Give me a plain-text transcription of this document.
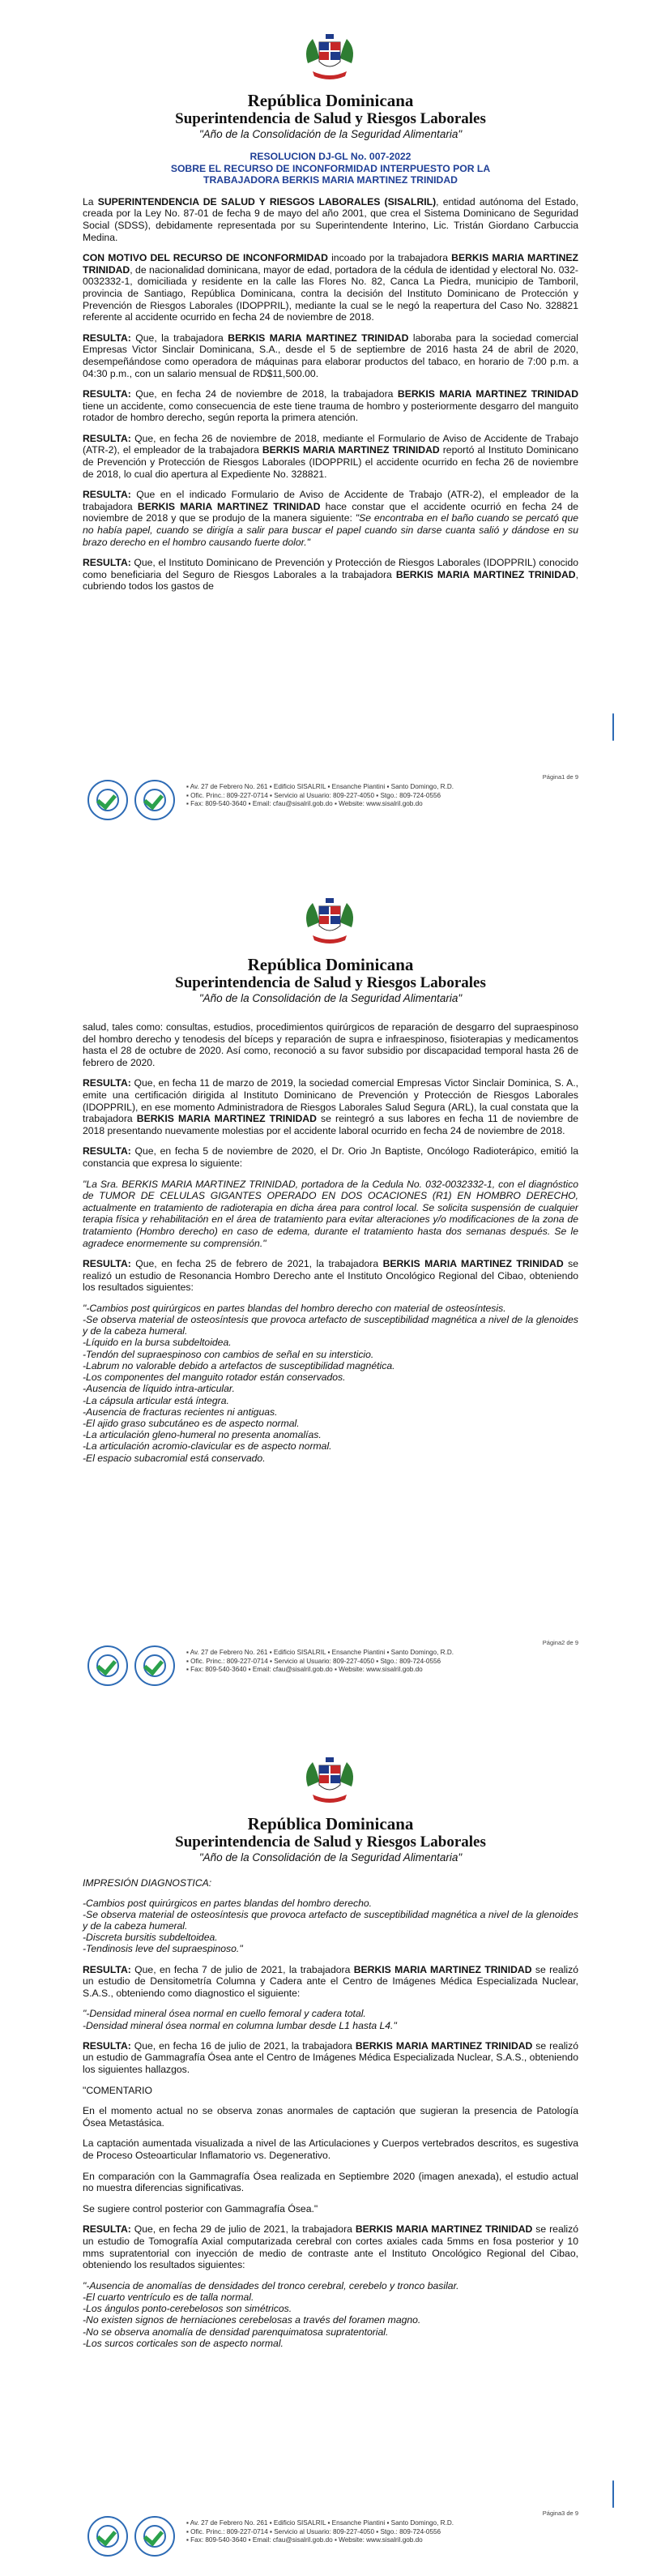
República Dominicana
Superintendencia de Salud y Riesgos Laborales
"Año de la Consolidación de la Seguridad Alimentaria"

RESOLUCION DJ-GL No. 007-2022

SOBRE EL RECURSO DE INCONFORMIDAD INTERPUESTO POR LA

TRABAJADORA BERKIS MARIA MARTINEZ TRINIDAD

La SUPERINTENDENCIA DE SALUD Y RIESGOS LABORALES (SISALRIL), entidad autónoma del Estado, creada por la Ley No. 87-01 de fecha 9 de mayo del año 2001, que crea el Sistema Dominicano de Seguridad Social (SDSS), debidamente representada por su Superintendente Interino, Lic. Tristán Giordano Carbuccia Medina.

CON MOTIVO DEL RECURSO DE INCONFORMIDAD incoado por la trabajadora BERKIS MARIA MARTINEZ TRINIDAD, de nacionalidad dominicana, mayor de edad, portadora de la cédula de identidad y electoral No. 032-0032332-1, domiciliada y residente en la calle las Flores No. 82, Canca La Piedra, municipio de Tamboril, provincia de Santiago, República Dominicana, contra la decisión del Instituto Dominicano de Protección y Prevención de Riesgos Laborales (IDOPPRIL), mediante la cual se le negó la reapertura del Caso No. 328821 referente al accidente ocurrido en fecha 24 de noviembre de 2018.

RESULTA: Que, la trabajadora BERKIS MARIA MARTINEZ TRINIDAD laboraba para la sociedad comercial Empresas Victor Sinclair Dominicana, S.A., desde el 5 de septiembre de 2016 hasta 24 de abril de 2020, desempeñándose como operadora de máquinas para elaborar productos del tabaco, en horario de 7:00 p.m. a 04:30 p.m., con un salario mensual de RD$11,500.00.

RESULTA: Que, en fecha 24 de noviembre de 2018, la trabajadora BERKIS MARIA MARTINEZ TRINIDAD tiene un accidente, como consecuencia de este tiene trauma de hombro y posteriormente desgarro del manguito rotador de hombro derecho, según reporta la primera atención.

RESULTA: Que, en fecha 26 de noviembre de 2018, mediante el Formulario de Aviso de Accidente de Trabajo (ATR-2), el empleador de la trabajadora BERKIS MARIA MARTINEZ TRINIDAD reportó al Instituto Dominicano de Prevención y Protección de Riesgos Laborales (IDOPPRIL) el accidente ocurrido en fecha 26 de noviembre de 2018, lo cual dio apertura al Expediente No. 328821.

RESULTA: Que en el indicado Formulario de Aviso de Accidente de Trabajo (ATR-2), el empleador de la trabajadora BERKIS MARIA MARTINEZ TRINIDAD hace constar que el accidente ocurrió en fecha 24 de noviembre de 2018 y que se produjo de la manera siguiente: "Se encontraba en el baño cuando se percató que no había papel, cuando se dirigía a salir para buscar el papel cuando sin darse cuanta salió y dándose en su brazo derecho en el hombro causando fuerte dolor."

RESULTA: Que, el Instituto Dominicano de Prevención y Protección de Riesgos Laborales (IDOPPRIL) conocido como beneficiaria del Seguro de Riesgos Laborales a la trabajadora BERKIS MARIA MARTINEZ TRINIDAD, cubriendo todos los gastos de

Página1 de 9
▪ Av. 27 de Febrero No. 261 ▪ Edificio SISALRIL ▪ Ensanche Piantini ▪ Santo Domingo, R.D.
▪ Ofic. Princ.: 809-227-0714 ▪ Servicio al Usuario: 809-227-4050 ▪ Stgo.: 809-724-0556
▪ Fax: 809-540-3640 ▪ Email: cfau@sisalril.gob.do ▪ Website: www.sisalril.gob.do
República Dominicana
Superintendencia de Salud y Riesgos Laborales
"Año de la Consolidación de la Seguridad Alimentaria"

salud, tales como: consultas, estudios, procedimientos quirúrgicos de reparación de desgarro del supraespinoso del hombro derecho y tenodesis del bíceps y reparación de supra e infraespinoso, fisioterapias y medicamentos hasta el 28 de octubre de 2020. Así como, reconoció a su favor subsidio por discapacidad temporal hasta 26 de febrero de 2020.

RESULTA: Que, en fecha 11 de marzo de 2019, la sociedad comercial Empresas Victor Sinclair Dominica, S. A., emite una certificación dirigida al Instituto Dominicano de Prevención y Protección de Riesgos Laborales (IDOPPRIL), en ese momento Administradora de Riesgos Laborales Salud Segura (ARL), la cual constata que la trabajadora BERKIS MARIA MARTINEZ TRINIDAD se reintegró a sus labores en fecha 11 de noviembre de 2018 presentando nuevamente molestias por el accidente laboral ocurrido en fecha 24 de noviembre de 2018.

RESULTA: Que, en fecha 5 de noviembre de 2020, el Dr. Orio Jn Baptiste, Oncólogo Radioterápico, emitió la constancia que expresa lo siguiente:

"La Sra. BERKIS MARIA MARTINEZ TRINIDAD, portadora de la Cedula No. 032-0032332-1, con el diagnóstico de TUMOR DE CELULAS GIGANTES OPERADO EN DOS OCACIONES (R1) EN HOMBRO DERECHO, actualmente en tratamiento de radioterapia en dicha área para control local. Se solicita suspensión de cualquier terapia física y rehabilitación en el área de tratamiento para evitar alteraciones y/o modificaciones de la zona de tratamiento (Hombro derecho) en caso de edema, durante el tratamiento hasta dos semanas después. Se le agradece enormemente su comprensión."

RESULTA: Que, en fecha 25 de febrero de 2021, la trabajadora BERKIS MARIA MARTINEZ TRINIDAD se realizó un estudio de Resonancia Hombro Derecho ante el Instituto Oncológico Regional del Cibao, obteniendo los resultados siguientes:

"-Cambios post quirúrgicos en partes blandas del hombro derecho con material de osteosíntesis.
-Se observa material de osteosíntesis que provoca artefacto de susceptibilidad magnética a nivel de la glenoides y de la cabeza humeral.
-Líquido en la bursa subdeltoidea.
-Tendón del supraespinoso con cambios de señal en su intersticio.
-Labrum no valorable debido a artefactos de susceptibilidad magnética.
-Los componentes del manguito rotador están conservados.
-Ausencia de líquido intra-articular.
-La cápsula articular está íntegra.
-Ausencia de fracturas recientes ni antiguas.
-El ajido graso subcutáneo es de aspecto normal.
-La articulación gleno-humeral no presenta anomalías.
-La articulación acromio-clavicular es de aspecto normal.
-El espacio subacromial está conservado.
Página2 de 9
▪ Av. 27 de Febrero No. 261 ▪ Edificio SISALRIL ▪ Ensanche Piantini ▪ Santo Domingo, R.D.
▪ Ofic. Princ.: 809-227-0714 ▪ Servicio al Usuario: 809-227-4050 ▪ Stgo.: 809-724-0556
▪ Fax: 809-540-3640 ▪ Email: cfau@sisalril.gob.do ▪ Website: www.sisalril.gob.do
República Dominicana
Superintendencia de Salud y Riesgos Laborales
"Año de la Consolidación de la Seguridad Alimentaria"

IMPRESIÓN DIAGNOSTICA:

-Cambios post quirúrgicos en partes blandas del hombro derecho.
-Se observa material de osteosíntesis que provoca artefacto de susceptibilidad magnética a nivel de la glenoides y de la cabeza humeral.
-Discreta bursitis subdeltoidea.
-Tendinosis leve del supraespinoso."

RESULTA: Que, en fecha 7 de julio de 2021, la trabajadora BERKIS MARIA MARTINEZ TRINIDAD se realizó un estudio de Densitometría Columna y Cadera ante el Centro de Imágenes Médica Especializada Nuclear, S.A.S., obteniendo como diagnostico el siguiente:

"-Densidad mineral ósea normal en cuello femoral y cadera total.
-Densidad mineral ósea normal en columna lumbar desde L1 hasta L4."

RESULTA: Que, en fecha 16 de julio de 2021, la trabajadora BERKIS MARIA MARTINEZ TRINIDAD se realizó un estudio de Gammagrafía Ósea ante el Centro de Imágenes Médica Especializada Nuclear, S.A.S., obteniendo los siguientes hallazgos.

"COMENTARIO

En el momento actual no se observa zonas anormales de captación que sugieran la presencia de Patología Ósea Metastásica.

La captación aumentada visualizada a nivel de las Articulaciones y Cuerpos vertebrados descritos, es sugestiva de Proceso Osteoarticular Inflamatorio vs. Degenerativo.

En comparación con la Gammagrafía Ósea realizada en Septiembre 2020 (imagen anexada), el estudio actual no muestra diferencias significativas.

Se sugiere control posterior con Gammagrafía Ósea."

RESULTA: Que, en fecha 29 de julio de 2021, la trabajadora BERKIS MARIA MARTINEZ TRINIDAD se realizó un estudio de Tomografía Axial computarizada cerebral con cortes axiales cada 5mms en fosa posterior y 10 mms supratentorial con inyección de medio de contraste ante el Instituto Oncológico Regional del Cibao, obteniendo los resultados siguientes:

"-Ausencia de anomalías de densidades del tronco cerebral, cerebelo y tronco basilar.
-El cuarto ventrículo es de talla normal.
-Los ángulos ponto-cerebelosos son simétricos.
-No existen signos de herniaciones cerebelosas a través del foramen magno.
-No se observa anomalía de densidad parenquimatosa supratentorial.
-Los surcos corticales son de aspecto normal.
Página3 de 9
▪ Av. 27 de Febrero No. 261 ▪ Edificio SISALRIL ▪ Ensanche Piantini ▪ Santo Domingo, R.D.
▪ Ofic. Princ.: 809-227-0714 ▪ Servicio al Usuario: 809-227-4050 ▪ Stgo.: 809-724-0556
▪ Fax: 809-540-3640 ▪ Email: cfau@sisalril.gob.do ▪ Website: www.sisalril.gob.do
